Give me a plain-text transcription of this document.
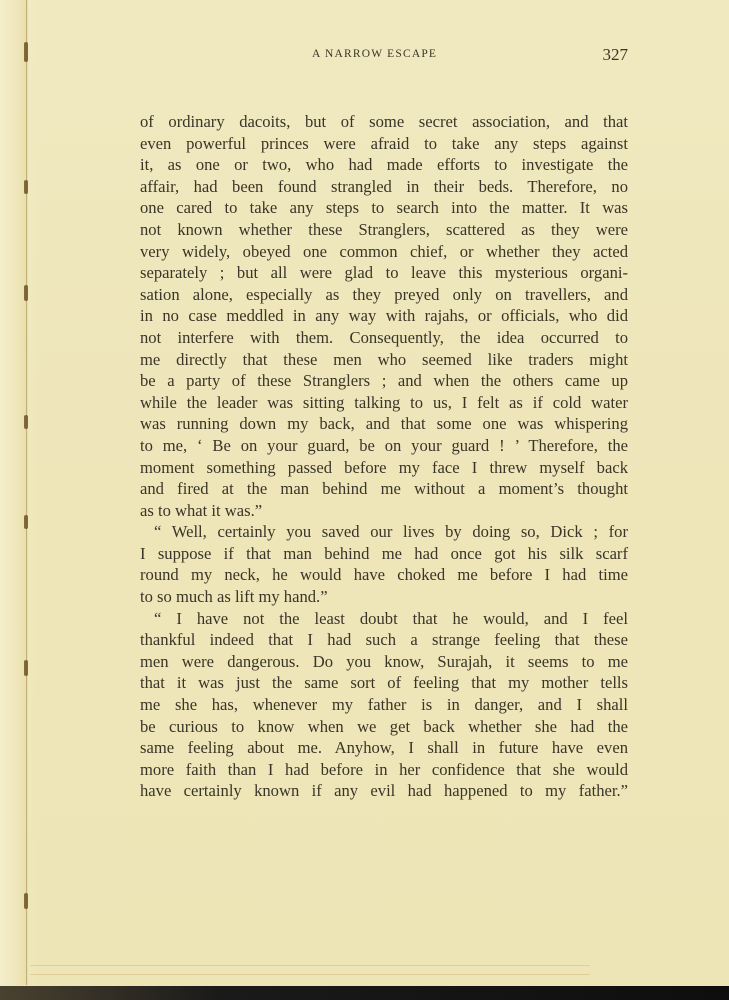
A NARROW ESCAPE	327
of ordinary dacoits, but of some secret association, and that
even powerful princes were afraid to take any steps against
it, as one or two, who had made efforts to investigate the
affair, had been found strangled in their beds. Therefore, no
one cared to take any steps to search into the matter. It was
not known whether these Stranglers, scattered as they were
very widely, obeyed one common chief, or whether they acted
separately ; but all were glad to leave this mysterious organi-
sation alone, especially as they preyed only on travellers, and
in no case meddled in any way with rajahs, or officials, who did
not interfere with them. Consequently, the idea occurred to
me directly that these men who seemed like traders might
be a party of these Stranglers ; and when the others came up
while the leader was sitting talking to us, I felt as if cold water
was running down my back, and that some one was whispering
to me, ‘ Be on your guard, be on your guard ! ’ Therefore, the
moment something passed before my face I threw myself back
and fired at the man behind me without a moment’s thought
as to what it was.”
“ Well, certainly you saved our lives by doing so, Dick ; for
I suppose if that man behind me had once got his silk scarf
round my neck, he would have choked me before I had time
to so much as lift my hand.”
“ I have not the least doubt that he would, and I feel
thankful indeed that I had such a strange feeling that these
men were dangerous. Do you know, Surajah, it seems to me
that it was just the same sort of feeling that my mother tells
me she has, whenever my father is in danger, and I shall
be curious to know when we get back whether she had the
same feeling about me. Anyhow, I shall in future have even
more faith than I had before in her confidence that she would
have certainly known if any evil had happened to my father.”
